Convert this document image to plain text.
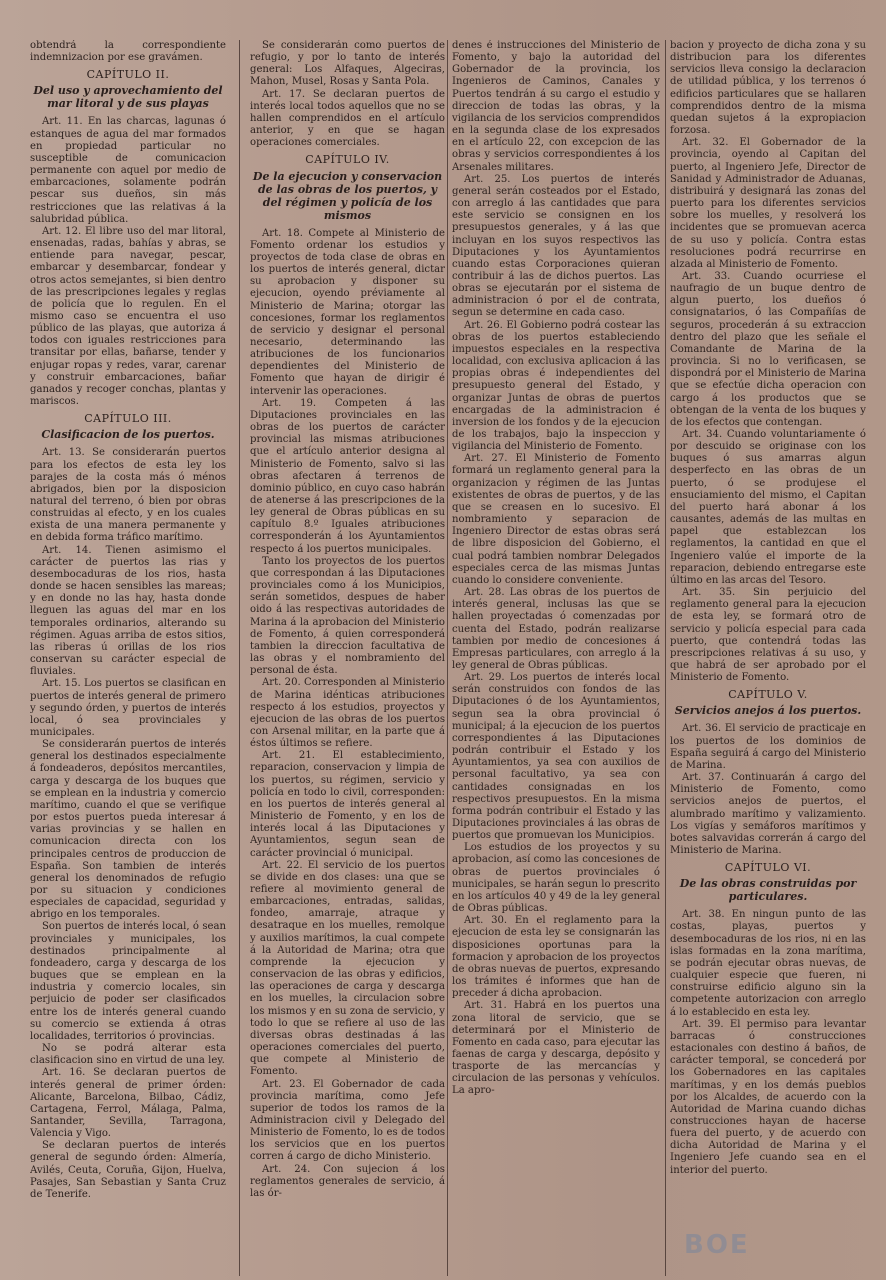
obtendrá la correspondiente indemnizacion por ese gravámen.

CAPÍTULO II.
Del uso y aprovechamiento del mar litoral y de sus playas

Art. 11. En las charcas, lagunas ó estanques de agua del mar formados en propiedad particular no susceptible de comunicacion permanente con aquel por medio de embarcaciones, solamente podrán pescar sus dueños, sin más restricciones que las relativas á la salubridad pública.

Art. 12. El libre uso del mar litoral, ensenadas, radas, bahías y abras, se entiende para navegar, pescar, embarcar y desembarcar, fondear y otros actos semejantes, si bien dentro de las prescripciones legales y reglas de policía que lo regulen. En el mismo caso se encuentra el uso público de las playas, que autoriza á todos con iguales restricciones para transitar por ellas, bañarse, tender y enjugar ropas y redes, varar, carenar y construir embarcaciones, bañar ganados y recoger conchas, plantas y mariscos.

CAPÍTULO III.
Clasificacion de los puertos.

Art. 13. Se considerarán puertos para los efectos de esta ley los parajes de la costa más ó ménos abrigados, bien por la disposicion natural del terreno, ó bien por obras construidas al efecto, y en los cuales exista de una manera permanente y en debida forma tráfico marítimo.

Art. 14. Tienen asimismo el carácter de puertos las rias y desembocaduras de los rios, hasta donde se hacen sensibles las mareas; y en donde no las hay, hasta donde lleguen las aguas del mar en los temporales ordinarios, alterando su régimen. Aguas arriba de estos sitios, las riberas ú orillas de los rios conservan su carácter especial de fluviales.

Art. 15. Los puertos se clasifican en puertos de interés general de primero y segundo órden, y puertos de interés local, ó sea provinciales y municipales.

Se considerarán puertos de interés general los destinados especialmente á fondeaderos, depósitos mercantiles, carga y descarga de los buques que se emplean en la industria y comercio marítimo, cuando el que se verifique por estos puertos pueda interesar á varias provincias y se hallen en comunicacion directa con los principales centros de produccion de España. Son tambien de interés general los denominados de refugio por su situacion y condiciones especiales de capacidad, seguridad y abrigo en los temporales.

Son puertos de interés local, ó sean provinciales y municipales, los destinados principalmente al fondeadero, carga y descarga de los buques que se emplean en la industria y comercio locales, sin perjuicio de poder ser clasificados entre los de interés general cuando su comercio se extienda á otras localidades, territorios ó provincias.

No se podrá alterar esta clasificacion sino en virtud de una ley.

Art. 16. Se declaran puertos de interés general de primer órden: Alicante, Barcelona, Bilbao, Cádiz, Cartagena, Ferrol, Málaga, Palma, Santander, Sevilla, Tarragona, Valencia y Vigo.

Se declaran puertos de interés general de segundo órden: Almería, Avilés, Ceuta, Coruña, Gijon, Huelva, Pasajes, San Sebastian y Santa Cruz de Tenerife.

Se considerarán como puertos de refugio, y por lo tanto de interés general: Los Alfaques, Algeciras, Mahon, Musel, Rosas y Santa Pola.

Art. 17. Se declaran puertos de interés local todos aquellos que no se hallen comprendidos en el artículo anterior, y en que se hagan operaciones comerciales.

CAPÍTULO IV.
De la ejecucion y conservacion de las obras de los puertos, y del régimen y policía de los mismos

Art. 18. Compete al Ministerio de Fomento ordenar los estudios y proyectos de toda clase de obras en los puertos de interés general, dictar su aprobacion y disponer su ejecucion, oyendo préviamente al Ministerio de Marina; otorgar las concesiones, formar los reglamentos de servicio y designar el personal necesario, determinando las atribuciones de los funcionarios dependientes del Ministerio de Fomento que hayan de dirigir é intervenir las operaciones.

Art. 19. Competen á las Diputaciones provinciales en las obras de los puertos de carácter provincial las mismas atribuciones que el artículo anterior designa al Ministerio de Fomento, salvo si las obras afectaren á terrenos de dominio público, en cuyo caso habrán de atenerse á las prescripciones de la ley general de Obras públicas en su capítulo 8.º Iguales atribuciones corresponderán á los Ayuntamientos respecto á los puertos municipales.

Tanto los proyectos de los puertos que correspondan á las Diputaciones provinciales como á los Municipios, serán sometidos, despues de haber oido á las respectivas autoridades de Marina á la aprobacion del Ministerio de Fomento, á quien corresponderá tambien la direccion facultativa de las obras y el nombramiento del personal de ésta.

Art. 20. Corresponden al Ministerio de Marina idénticas atribuciones respecto á los estudios, proyectos y ejecucion de las obras de los puertos con Arsenal militar, en la parte que á éstos últimos se refiere.

Art. 21. El establecimiento, reparacion, conservacion y limpia de los puertos, su régimen, servicio y policía en todo lo civil, corresponden: en los puertos de interés general al Ministerio de Fomento, y en los de interés local á las Diputaciones y Ayuntamientos, segun sean de carácter provincial ó municipal.

Art. 22. El servicio de los puertos se divide en dos clases: una que se refiere al movimiento general de embarcaciones, entradas, salidas, fondeo, amarraje, atraque y desatraque en los muelles, remolque y auxilios marítimos, la cual compete á la Autoridad de Marina; otra que comprende la ejecucion y conservacion de las obras y edificios, las operaciones de carga y descarga en los muelles, la circulacion sobre los mismos y en su zona de servicio, y todo lo que se refiere al uso de las diversas obras destinadas á las operaciones comerciales del puerto, que compete al Ministerio de Fomento.

Art. 23. El Gobernador de cada provincia marítima, como Jefe superior de todos los ramos de la Administracion civil y Delegado del Ministerio de Fomento, lo es de todos los servicios que en los puertos corren á cargo de dicho Ministerio.

Art. 24. Con sujecion á los reglamentos generales de servicio, á las ór-

denes é instrucciones del Ministerio de Fomento, y bajo la autoridad del Gobernador de la provincia, los Ingenieros de Caminos, Canales y Puertos tendrán á su cargo el estudio y direccion de todas las obras, y la vigilancia de los servicios comprendidos en la segunda clase de los expresados en el artículo 22, con excepcion de las obras y servicios correspondientes á los Arsenales militares.

Art. 25. Los puertos de interés general serán costeados por el Estado, con arreglo á las cantidades que para este servicio se consignen en los presupuestos generales, y á las que incluyan en los suyos respectivos las Diputaciones y los Ayuntamientos cuando estas Corporaciones quieran contribuir á las de dichos puertos. Las obras se ejecutarán por el sistema de administracion ó por el de contrata, segun se determine en cada caso.

Art. 26. El Gobierno podrá costear las obras de los puertos estableciendo impuestos especiales en la respectiva localidad, con exclusiva aplicacion á las propias obras é independientes del presupuesto general del Estado, y organizar Juntas de obras de puertos encargadas de la administracion é inversion de los fondos y de la ejecucion de los trabajos, bajo la inspeccion y vigilancia del Ministerio de Fomento.

Art. 27. El Ministerio de Fomento formará un reglamento general para la organizacion y régimen de las Juntas existentes de obras de puertos, y de las que se creasen en lo sucesivo. El nombramiento y separacion de Ingeniero Director de estas obras será de libre disposicion del Gobierno, el cual podrá tambien nombrar Delegados especiales cerca de las mismas Juntas cuando lo considere conveniente.

Art. 28. Las obras de los puertos de interés general, inclusas las que se hallen proyectadas ó comenzadas por cuenta del Estado, podrán realizarse tambien por medio de concesiones á Empresas particulares, con arreglo á la ley general de Obras públicas.

Art. 29. Los puertos de interés local serán construidos con fondos de las Diputaciones ó de los Ayuntamientos, segun sea la obra provincial ó municipal; á la ejecucion de los puertos correspondientes á las Diputaciones podrán contribuir el Estado y los Ayuntamientos, ya sea con auxilios de personal facultativo, ya sea con cantidades consignadas en los respectivos presupuestos. En la misma forma podrán contribuir el Estado y las Diputaciones provinciales á las obras de puertos que promuevan los Municipios.

Los estudios de los proyectos y su aprobacion, así como las concesiones de obras de puertos provinciales ó municipales, se harán segun lo prescrito en los artículos 40 y 49 de la ley general de Obras públicas.

Art. 30. En el reglamento para la ejecucion de esta ley se consignarán las disposiciones oportunas para la formacion y aprobacion de los proyectos de obras nuevas de puertos, expresando los trámites é informes que han de preceder á dicha aprobacion.

Art. 31. Habrá en los puertos una zona litoral de servicio, que se determinará por el Ministerio de Fomento en cada caso, para ejecutar las faenas de carga y descarga, depósito y trasporte de las mercancías y circulacion de las personas y vehículos. La apro-

bacion y proyecto de dicha zona y su distribucion para los diferentes servicios lleva consigo la declaracion de utilidad pública, y los terrenos ó edificios particulares que se hallaren comprendidos dentro de la misma quedan sujetos á la expropiacion forzosa.

Art. 32. El Gobernador de la provincia, oyendo al Capitan del puerto, al Ingeniero Jefe, Director de Sanidad y Administrador de Aduanas, distribuirá y designará las zonas del puerto para los diferentes servicios sobre los muelles, y resolverá los incidentes que se promuevan acerca de su uso y policía. Contra estas resoluciones podrá recurrirse en alzada al Ministerio de Fomento.

Art. 33. Cuando ocurriese el naufragio de un buque dentro de algun puerto, los dueños ó consignatarios, ó las Compañías de seguros, procederán á su extraccion dentro del plazo que les señale el Comandante de Marina de la provincia. Si no lo verificasen, se dispondrá por el Ministerio de Marina que se efectúe dicha operacion con cargo á los productos que se obtengan de la venta de los buques y de los efectos que contengan.

Art. 34. Cuando voluntariamente ó por descuido se originase con los buques ó sus amarras algun desperfecto en las obras de un puerto, ó se produjese el ensuciamiento del mismo, el Capitan del puerto hará abonar á los causantes, además de las multas en papel que establezcan los reglamentos, la cantidad en que el Ingeniero valúe el importe de la reparacion, debiendo entregarse este último en las arcas del Tesoro.

Art. 35. Sin perjuicio del reglamento general para la ejecucion de esta ley, se formará otro de servicio y policía especial para cada puerto, que contendrá todas las prescripciones relativas á su uso, y que habrá de ser aprobado por el Ministerio de Fomento.

CAPÍTULO V.
Servicios anejos á los puertos.

Art. 36. El servicio de practicaje en los puertos de los dominios de España seguirá á cargo del Ministerio de Marina.

Art. 37. Continuarán á cargo del Ministerio de Fomento, como servicios anejos de puertos, el alumbrado marítimo y valizamiento. Los vigías y semáforos marítimos y botes salvavidas correrán á cargo del Ministerio de Marina.

CAPÍTULO VI.
De las obras construidas por particulares.

Art. 38. En ningun punto de las costas, playas, puertos y desembocaduras de los rios, ni en las islas formadas en la zona marítima, se podrán ejecutar obras nuevas, de cualquier especie que fueren, ni construirse edificio alguno sin la competente autorizacion con arreglo á lo establecido en esta ley.

Art. 39. El permiso para levantar barracas ó construcciones estacionales con destino á baños, de carácter temporal, se concederá por los Gobernadores en las capitales marítimas, y en los demás pueblos por los Alcaldes, de acuerdo con la Autoridad de Marina cuando dichas construcciones hayan de hacerse fuera del puerto, y de acuerdo con dicha Autoridad de Marina y el Ingeniero Jefe cuando sea en el interior del puerto.

BOE
